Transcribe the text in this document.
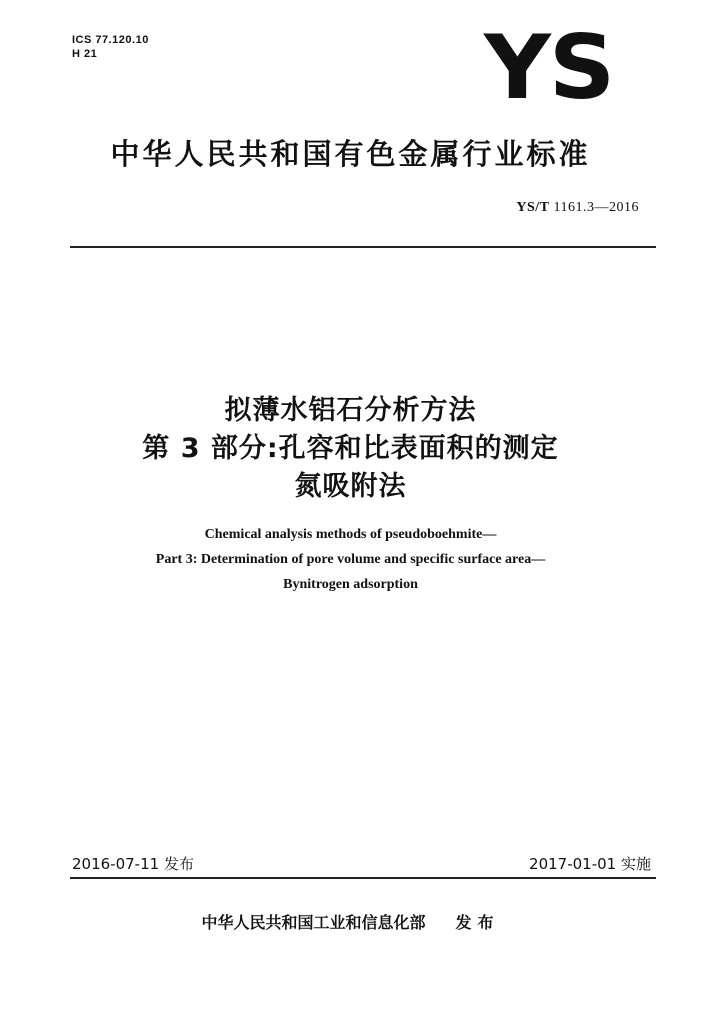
ICS 77.120.10
H 21	YS
中华人民共和国有色金属行业标准
YS/T 1161.3—2016
拟薄水铝石分析方法
第 3 部分:孔容和比表面积的测定
氮吸附法
Chemical analysis methods of pseudoboehmite—
Part 3: Determination of pore volume and specific surface area—
Bynitrogen adsorption
2016-07-11 发布	2017-01-01 实施
中华人民共和国工业和信息化部 发布
